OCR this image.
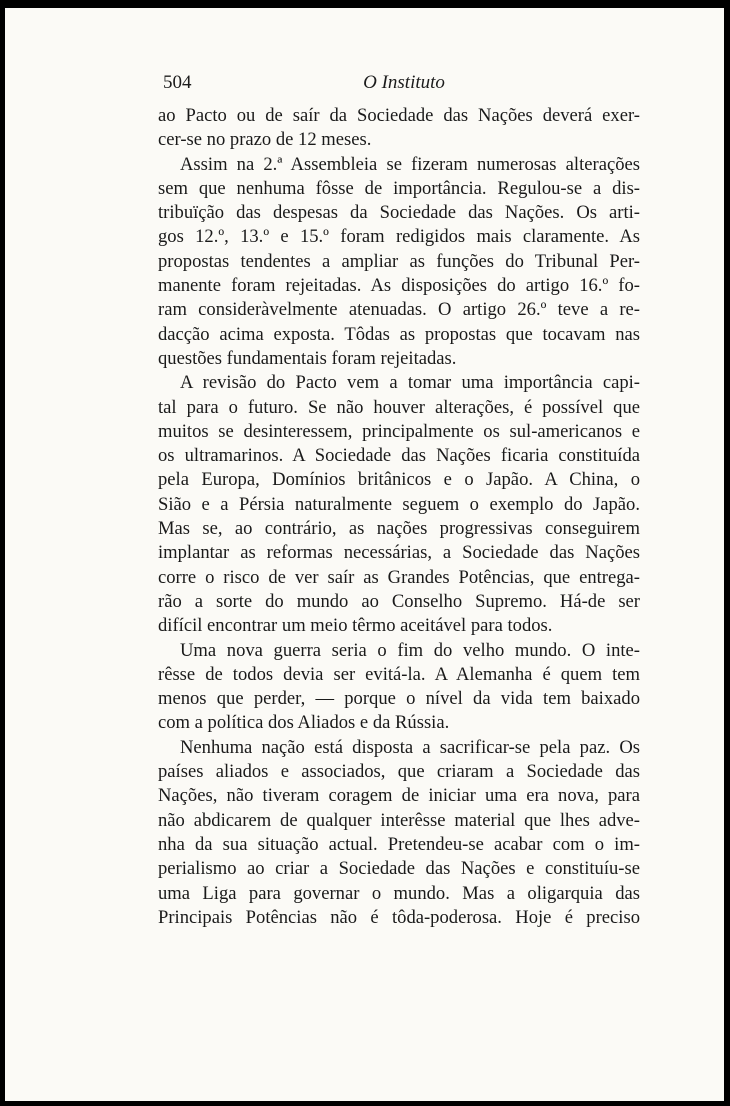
504	O Instituto

ao Pacto ou de saír da Sociedade das Nações deverá exer-
cer-se no prazo de 12 meses.

Assim na 2.ª Assembleia se fizeram numerosas alterações
sem que nenhuma fôsse de importância. Regulou-se a dis-
tribuïção das despesas da Sociedade das Nações. Os arti-
gos 12.º, 13.º e 15.º foram redigidos mais claramente. As
propostas tendentes a ampliar as funções do Tribunal Per-
manente foram rejeitadas. As disposições do artigo 16.º fo-
ram consideràvelmente atenuadas. O artigo 26.º teve a re-
dacção acima exposta. Tôdas as propostas que tocavam nas
questões fundamentais foram rejeitadas.

A revisão do Pacto vem a tomar uma importância capi-
tal para o futuro. Se não houver alterações, é possível que
muitos se desinteressem, principalmente os sul-americanos e
os ultramarinos. A Sociedade das Nações ficaria constituída
pela Europa, Domínios britânicos e o Japão. A China, o
Sião e a Pérsia naturalmente seguem o exemplo do Japão.
Mas se, ao contrário, as nações progressivas conseguirem
implantar as reformas necessárias, a Sociedade das Nações
corre o risco de ver saír as Grandes Potências, que entrega-
rão a sorte do mundo ao Conselho Supremo. Há-de ser
difícil encontrar um meio têrmo aceitável para todos.

Uma nova guerra seria o fim do velho mundo. O inte-
rêsse de todos devia ser evitá-la. A Alemanha é quem tem
menos que perder, — porque o nível da vida tem baixado
com a política dos Aliados e da Rússia.

Nenhuma nação está disposta a sacrificar-se pela paz. Os
países aliados e associados, que criaram a Sociedade das
Nações, não tiveram coragem de iniciar uma era nova, para
não abdicarem de qualquer interêsse material que lhes adve-
nha da sua situação actual. Pretendeu-se acabar com o im-
perialismo ao criar a Sociedade das Nações e constituíu-se
uma Liga para governar o mundo. Mas a oligarquia das
Principais Potências não é tôda-poderosa. Hoje é preciso
